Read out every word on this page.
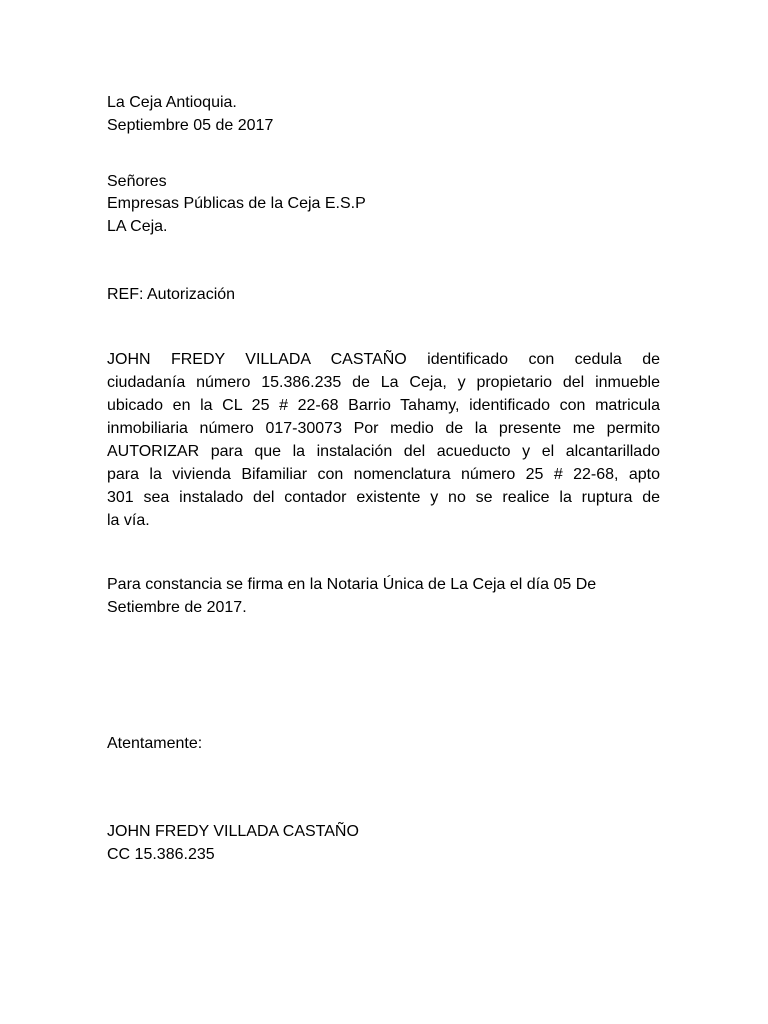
La Ceja Antioquia.
Septiembre 05 de 2017
Señores
Empresas Públicas de la Ceja E.S.P
LA Ceja.
REF: Autorización
JOHN FREDY VILLADA CASTAÑO identificado con cedula de
ciudadanía número 15.386.235 de La Ceja, y propietario del inmueble
ubicado en la CL 25 # 22-68 Barrio Tahamy, identificado con matricula
inmobiliaria número 017-30073 Por medio de la presente me permito
AUTORIZAR para que la instalación del acueducto y el alcantarillado
para la vivienda Bifamiliar con nomenclatura número 25 # 22-68, apto
301 sea instalado del contador existente y no se realice la ruptura de
la vía.
Para constancia se firma en la Notaria Única de La Ceja el día 05 De
Setiembre de 2017.
Atentamente:
JOHN FREDY VILLADA CASTAÑO
CC 15.386.235
